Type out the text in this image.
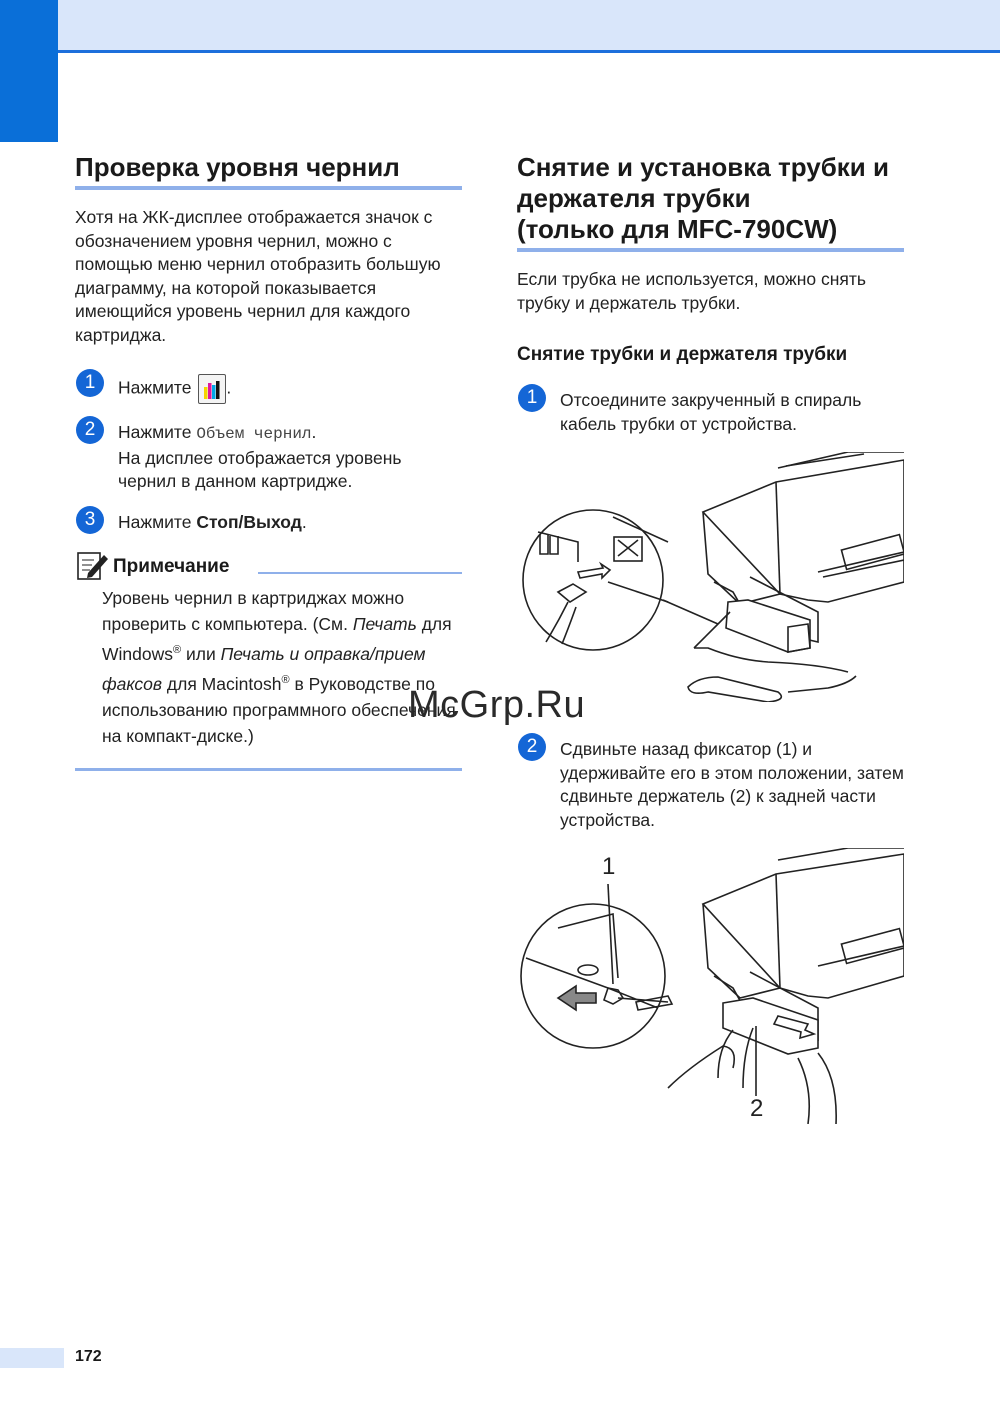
Проверка уровня чернил
Хотя на ЖК-дисплее отображается значок с обозначением уровня чернил, можно с помощью меню чернил отобразить большую диаграмму, на которой показывается имеющийся уровень чернил для каждого картриджа.
1	Нажмите .
2	Нажмите Объем чернил.
На дисплее отображается уровень чернил в данном картридже.
3	Нажмите Стоп/Выход.
Примечание
Уровень чернил в картриджах можно проверить с компьютера. (См. Печать для Windows® или Печать и оправка/прием факсов для Macintosh® в Руководстве по использованию программного обеспечения на компакт-диске.)
Снятие и установка трубки и
держателя трубки
(только для MFC-790CW)
Если трубка не используется, можно снять трубку и держатель трубки.
Снятие трубки и держателя трубки
1	Отсоедините закрученный в спираль кабель трубки от устройства.
McGrp.Ru
2	Сдвиньте назад фиксатор (1) и удерживайте его в этом положении, затем сдвиньте держатель (2) к задней части устройства.
1
2
172
